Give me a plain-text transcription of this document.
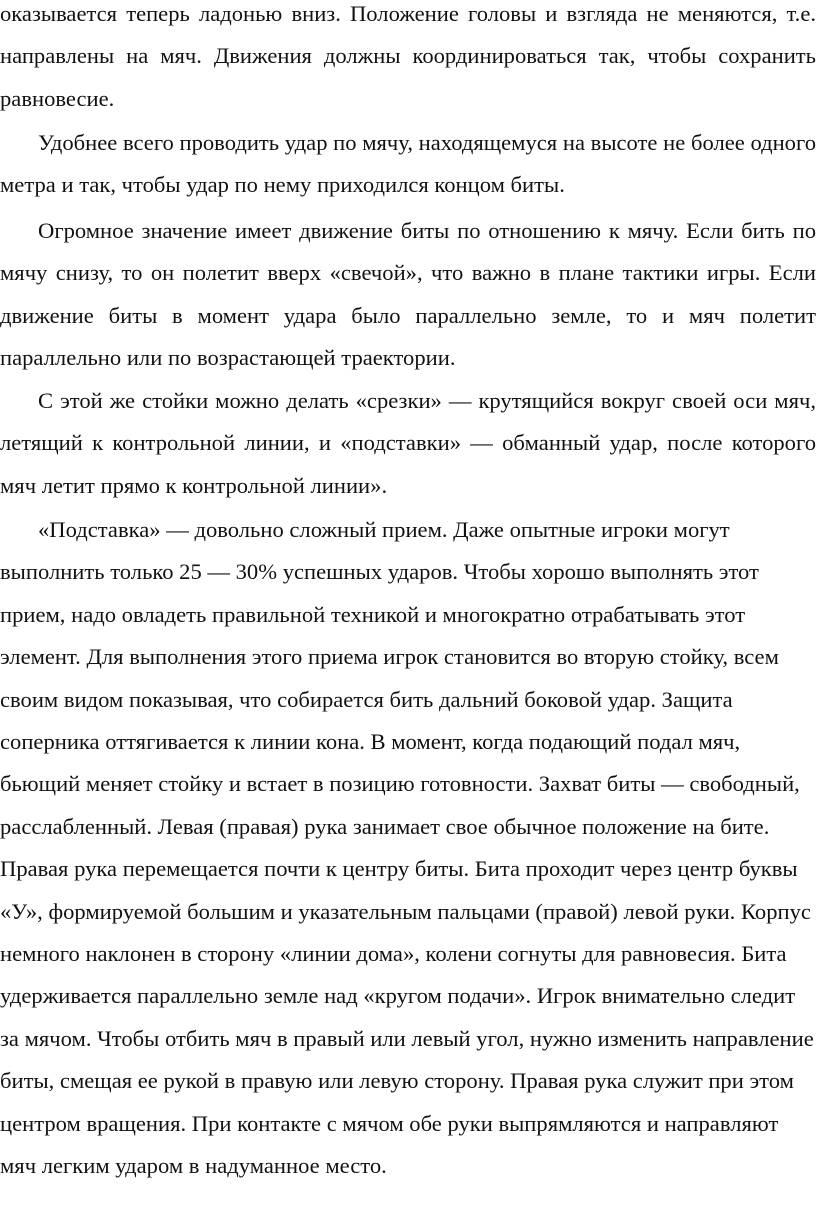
оказывается теперь ладонью вниз. Положение головы и взгляда не меняются, т.е. направлены на мяч. Движения должны координироваться так, чтобы сохранить равновесие.

Удобнее всего проводить удар по мячу, находящемуся на высоте не более одного метра и так, чтобы удар по нему приходился концом биты.

Огромное значение имеет движение биты по отношению к мячу. Если бить по мячу снизу, то он полетит вверх «свечой», что важно в плане тактики игры. Если движение биты в момент удара было параллельно земле, то и мяч полетит параллельно или по возрастающей траектории.

С этой же стойки можно делать «срезки» — крутящийся вокруг своей оси мяч, летящий к контрольной линии, и «подставки» — обманный удар, после которого мяч летит прямо к контрольной линии».

«Подставка» — довольно сложный прием. Даже опытные игроки могут выполнить только 25 — 30% успешных ударов. Чтобы хорошо выполнять этот прием, надо овладеть правильной техникой и многократно отрабатывать этот элемент. Для выполнения этого приема игрок становится во вторую стойку, всем своим видом показывая, что собирается бить дальний боковой удар. Защита соперника оттягивается к линии кона. В момент, когда подающий подал мяч, бьющий меняет стойку и встает в позицию готовности. Захват биты — свободный, расслабленный. Левая (правая) рука занимает свое обычное положение на бите. Правая рука перемещается почти к центру биты. Бита проходит через центр буквы «У», формируемой большим и указательным пальцами (правой) левой руки. Корпус немного наклонен в сторону «линии дома», колени согнуты для равновесия. Бита удерживается параллельно земле над «кругом подачи». Игрок внимательно следит за мячом. Чтобы отбить мяч в правый или левый угол, нужно изменить направление биты, смещая ее рукой в правую или левую сторону. Правая рука служит при этом центром вращения. При контакте с мячом обе руки выпрямляются и направляют мяч легким ударом в надуманное место.
